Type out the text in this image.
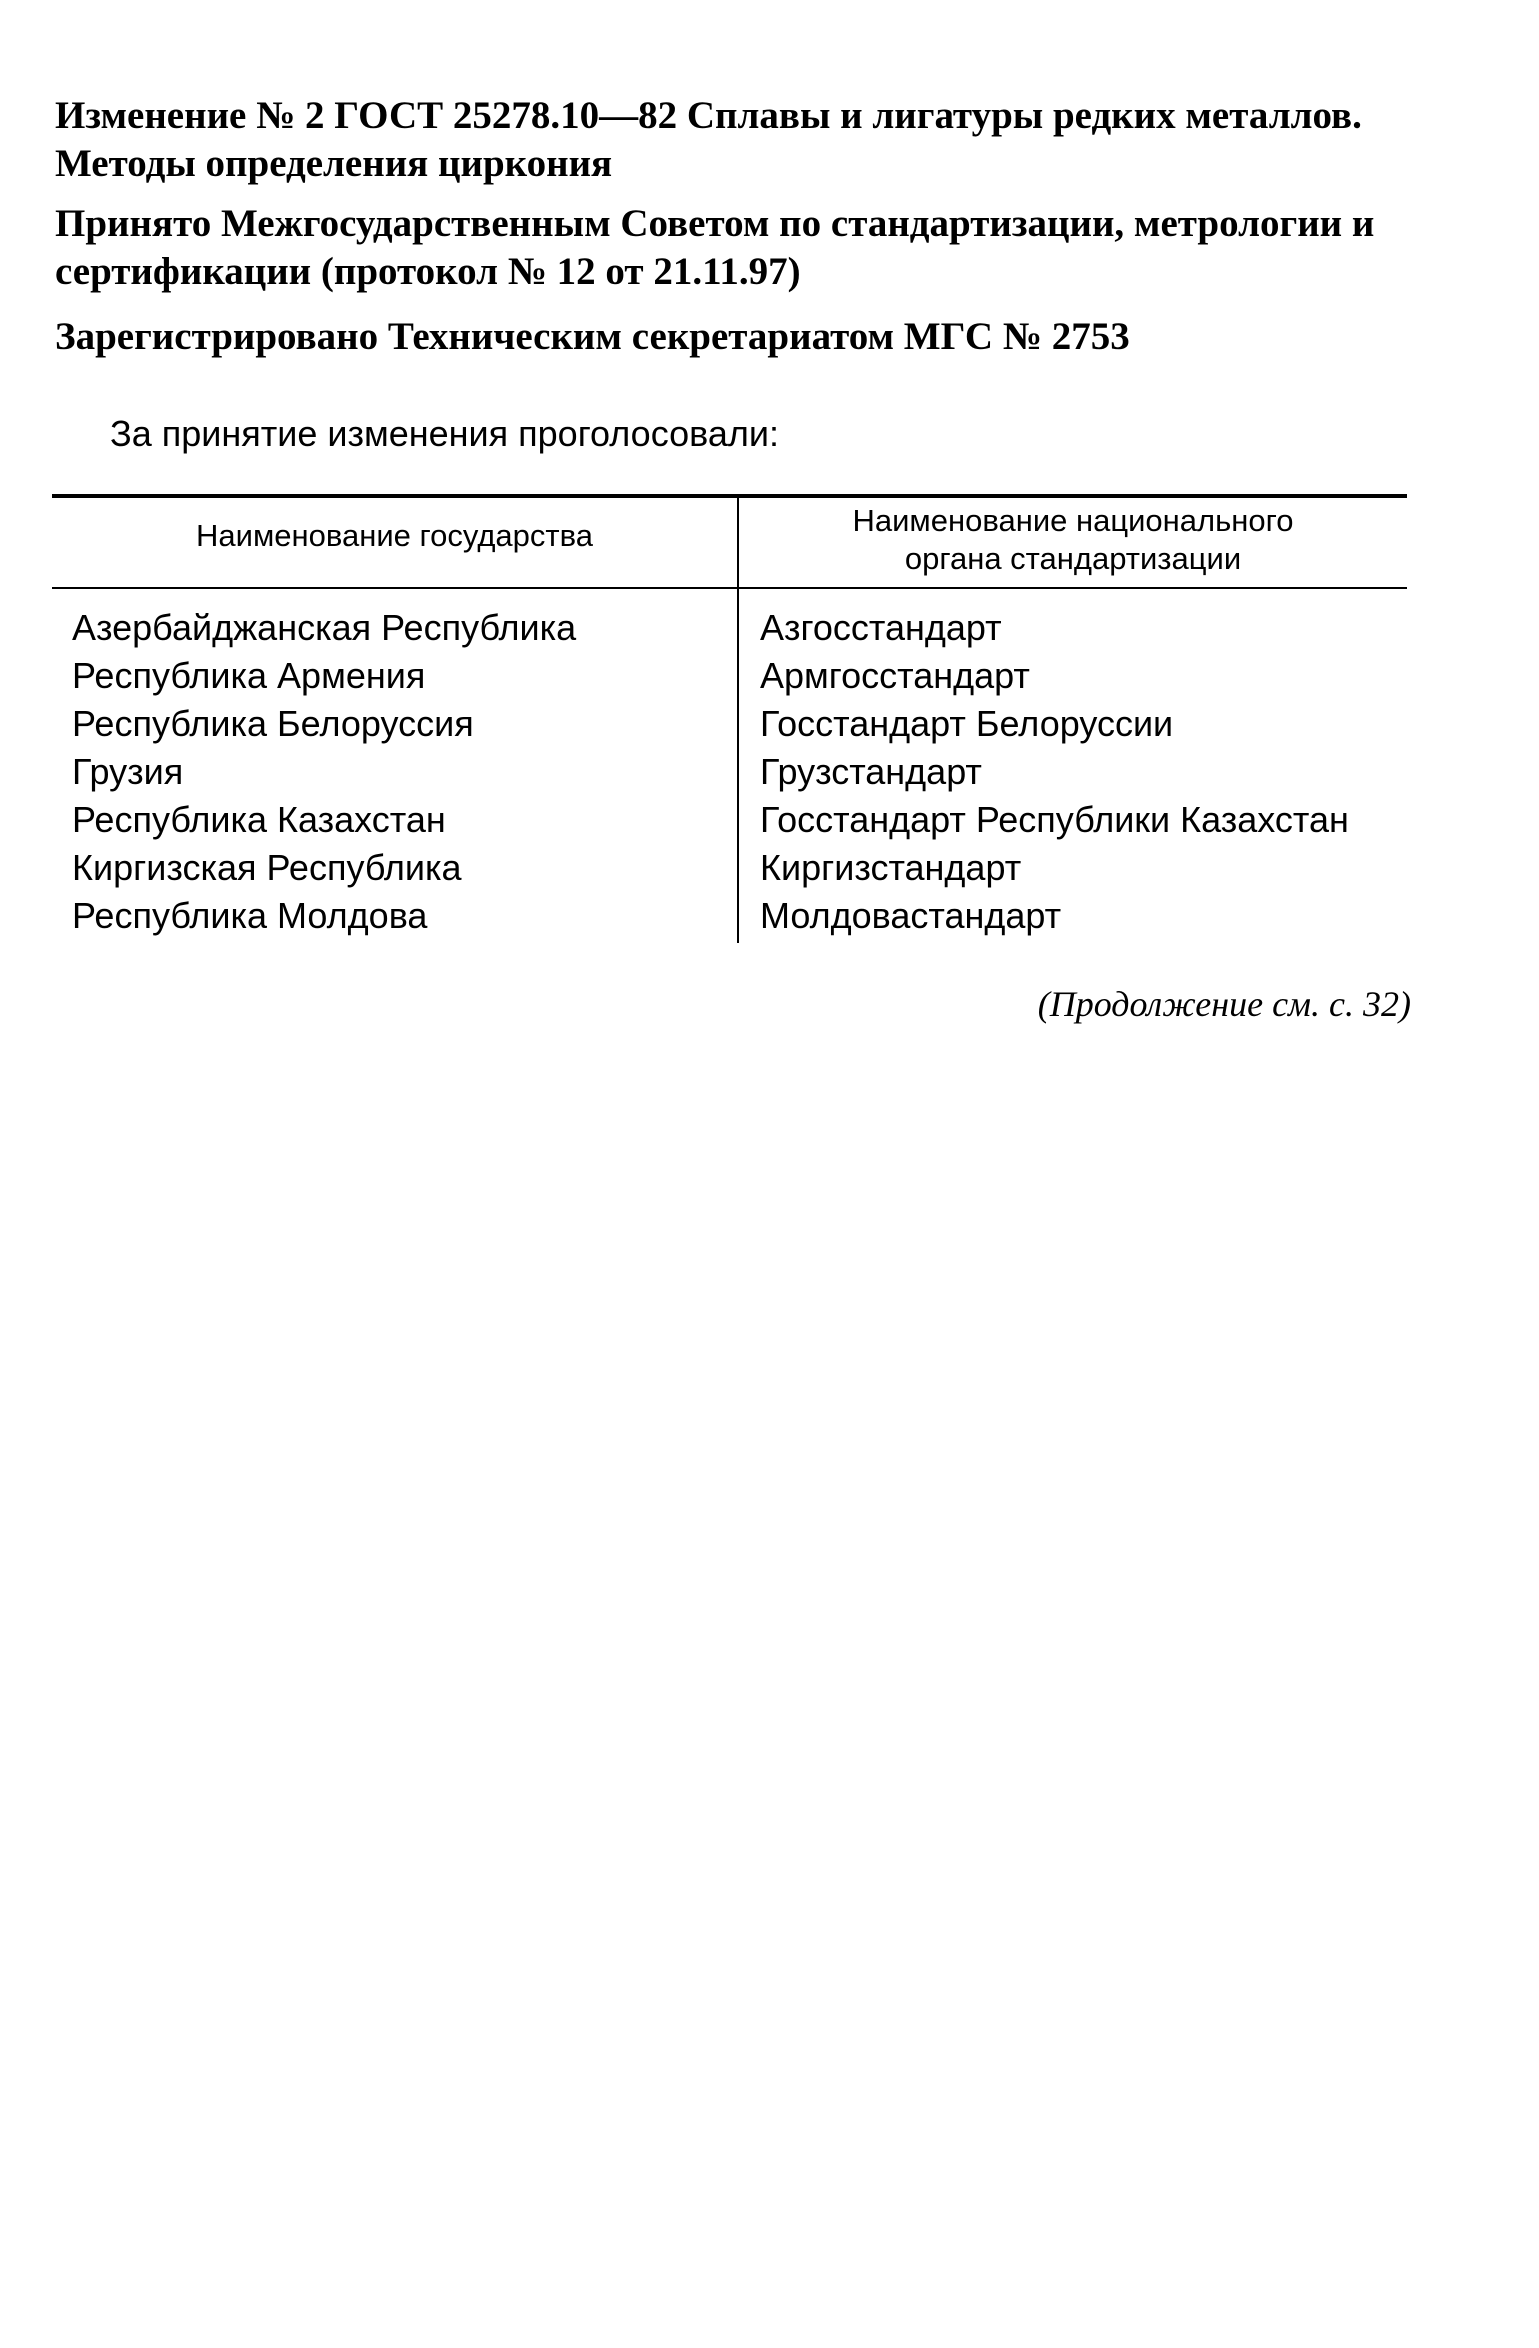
Изменение № 2 ГОСТ 25278.10—82 Сплавы и лигатуры редких металлов.
Методы определения циркония

Принято Межгосударственным Советом по стандартизации, метрологии и
сертификации (протокол № 12 от 21.11.97)

Зарегистрировано Техническим секретариатом МГС № 2753

За принятие изменения проголосовали:

Наименование государства	Наименование национального
органа стандартизации
Азербайджанская Республика
Республика Армения
Республика Белоруссия
Грузия
Республика Казахстан
Киргизская Республика
Республика Молдова
Азгосстандарт
Армгосстандарт
Госстандарт Белоруссии
Грузстандарт
Госстандарт Республики Казахстан
Киргизстандарт
Молдовастандарт

(Продолжение см. с. 32)
